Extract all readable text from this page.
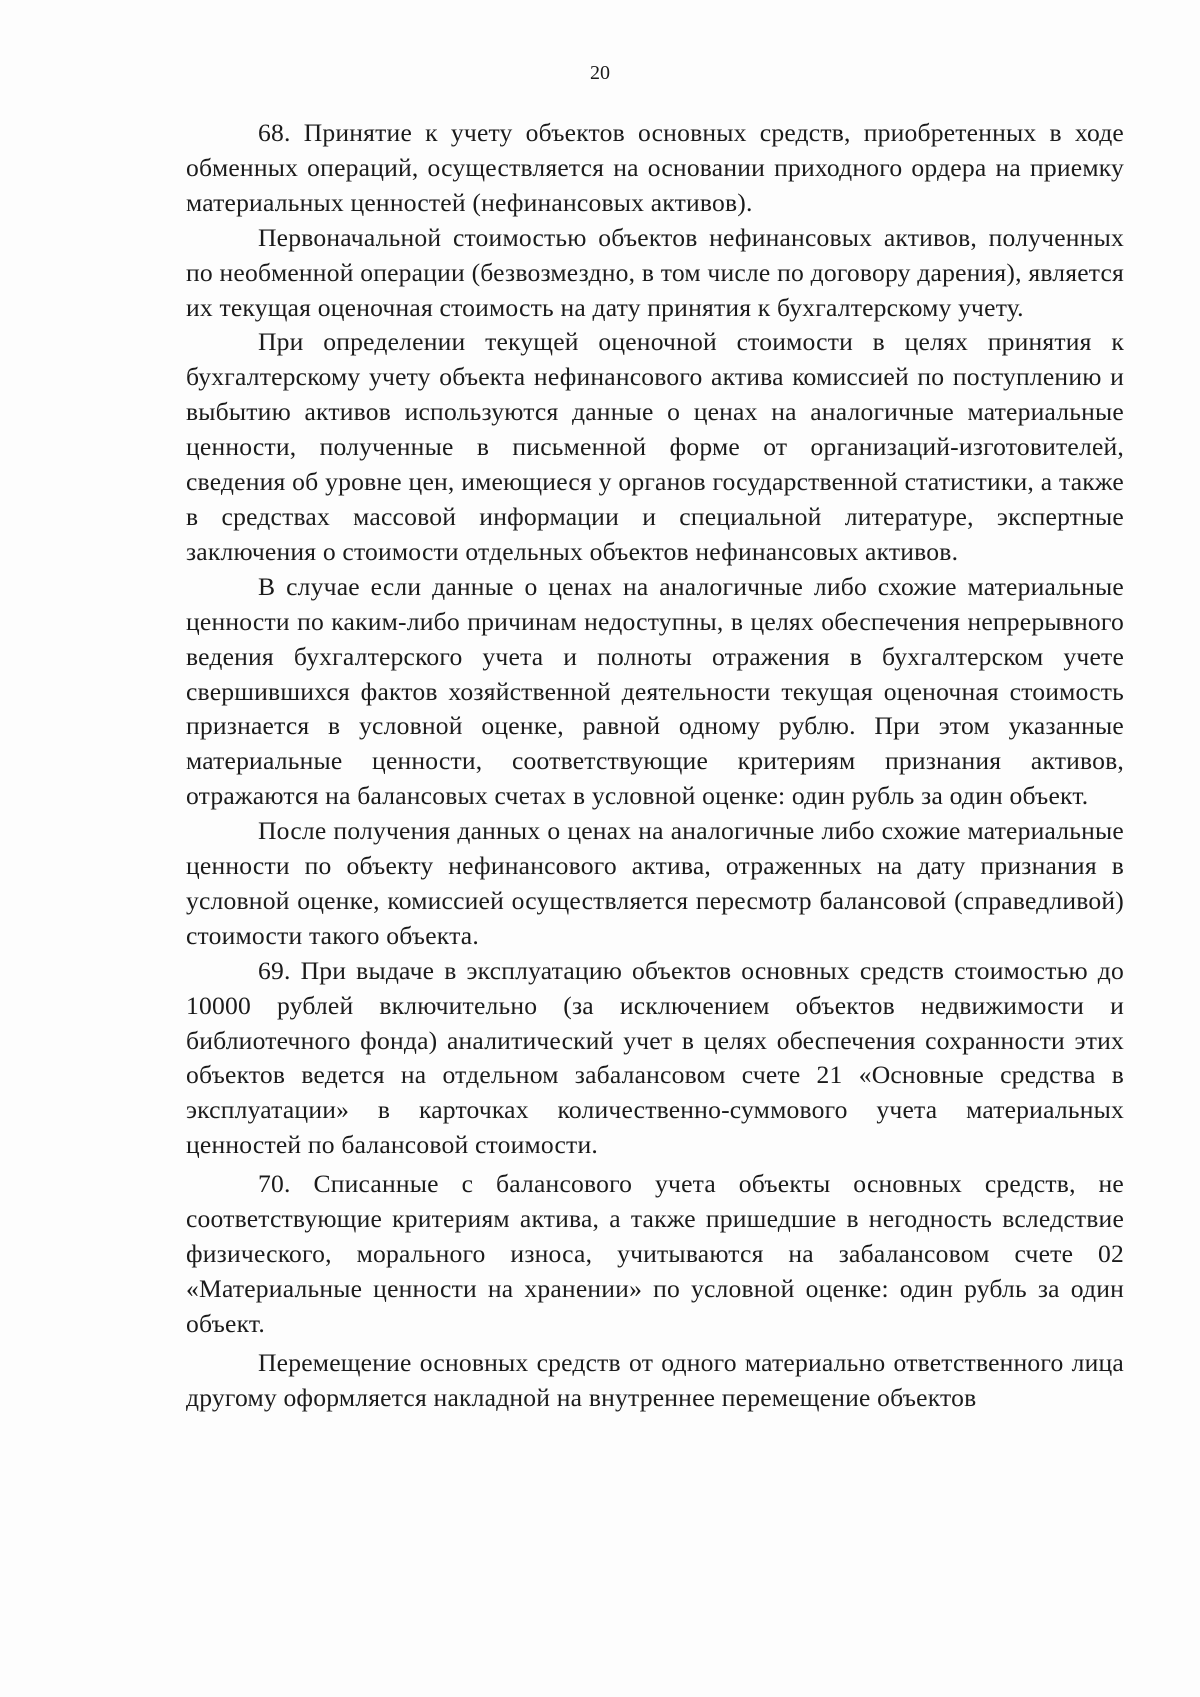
20

68. Принятие к учету объектов основных средств, приобретенных в ходе обменных операций, осуществляется на основании приходного ордера на приемку материальных ценностей (нефинансовых активов).

Первоначальной стоимостью объектов нефинансовых активов, полученных по необменной операции (безвозмездно, в том числе по договору дарения), является их текущая оценочная стоимость на дату принятия к бухгалтерскому учету.

При определении текущей оценочной стоимости в целях принятия к бухгалтерскому учету объекта нефинансового актива комиссией по поступлению и выбытию активов используются данные о ценах на аналогичные материальные ценности, полученные в письменной форме от организаций-изготовителей, сведения об уровне цен, имеющиеся у органов государственной статистики, а также в средствах массовой информации и специальной литературе, экспертные заключения о стоимости отдельных объектов нефинансовых активов.

В случае если данные о ценах на аналогичные либо схожие материальные ценности по каким-либо причинам недоступны, в целях обеспечения непрерывного ведения бухгалтерского учета и полноты отражения в бухгалтерском учете свершившихся фактов хозяйственной деятельности текущая оценочная стоимость признается в условной оценке, равной одному рублю. При этом указанные материальные ценности, соответствующие критериям признания активов, отражаются на балансовых счетах в условной оценке: один рубль за один объект.

После получения данных о ценах на аналогичные либо схожие материальные ценности по объекту нефинансового актива, отраженных на дату признания в условной оценке, комиссией осуществляется пересмотр балансовой (справедливой) стоимости такого объекта.

69. При выдаче в эксплуатацию объектов основных средств стоимостью до 10000 рублей включительно (за исключением объектов недвижимости и библиотечного фонда) аналитический учет в целях обеспечения сохранности этих объектов ведется на отдельном забалансовом счете 21 «Основные средства в эксплуатации» в карточках количественно-суммового учета материальных ценностей по балансовой стоимости.

70. Списанные с балансового учета объекты основных средств, не соответствующие критериям актива, а также пришедшие в негодность вследствие физического, морального износа, учитываются на забалансовом счете 02 «Материальные ценности на хранении» по условной оценке: один рубль за один объект.

Перемещение основных средств от одного материально ответственного лица другому оформляется накладной на внутреннее перемещение объектов
